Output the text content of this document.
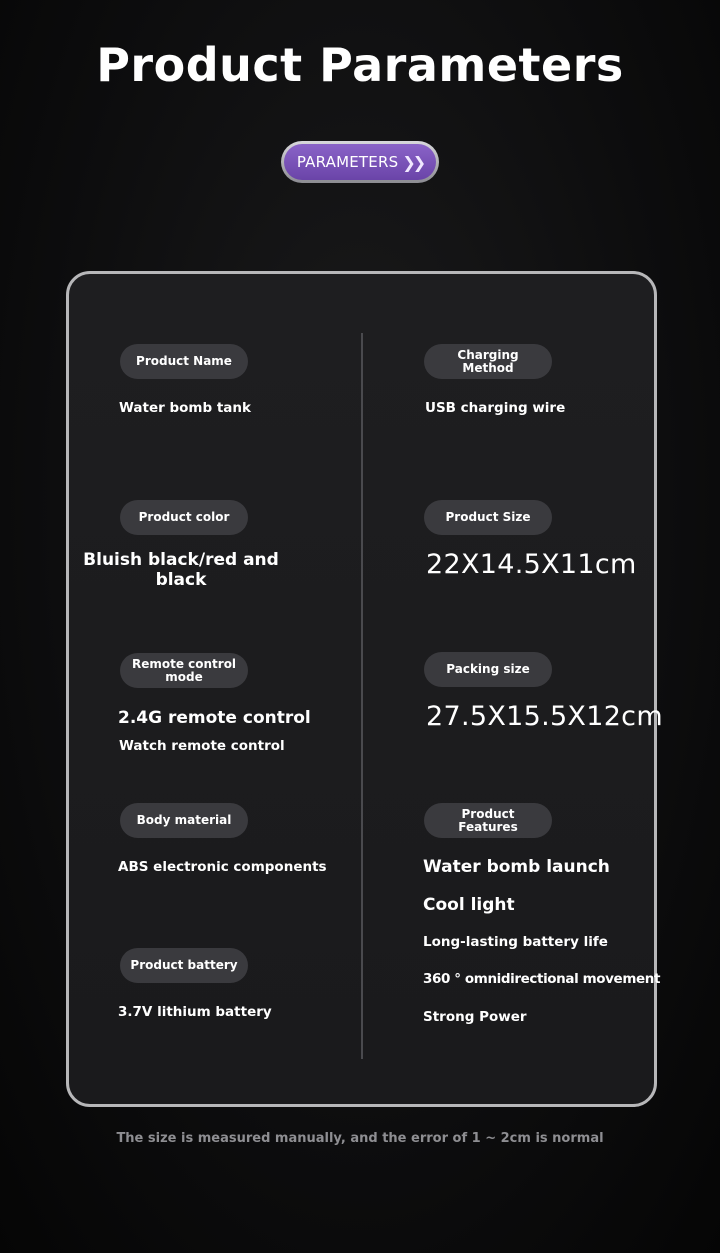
Product Parameters
PARAMETERS ❯❯
Product Name
Water bomb tank
Product color
Bluish black/red and
black
Remote control mode
2.4G remote control
Watch remote control
Body material
ABS electronic components
Product battery
3.7V lithium battery
Charging Method
USB charging wire
Product Size
22X14.5X11cm
Packing size
27.5X15.5X12cm
Product Features
Water bomb launch
Cool light
Long-lasting battery life
360 ° omnidirectional movement
Strong Power
The size is measured manually, and the error of 1 ~ 2cm is normal
